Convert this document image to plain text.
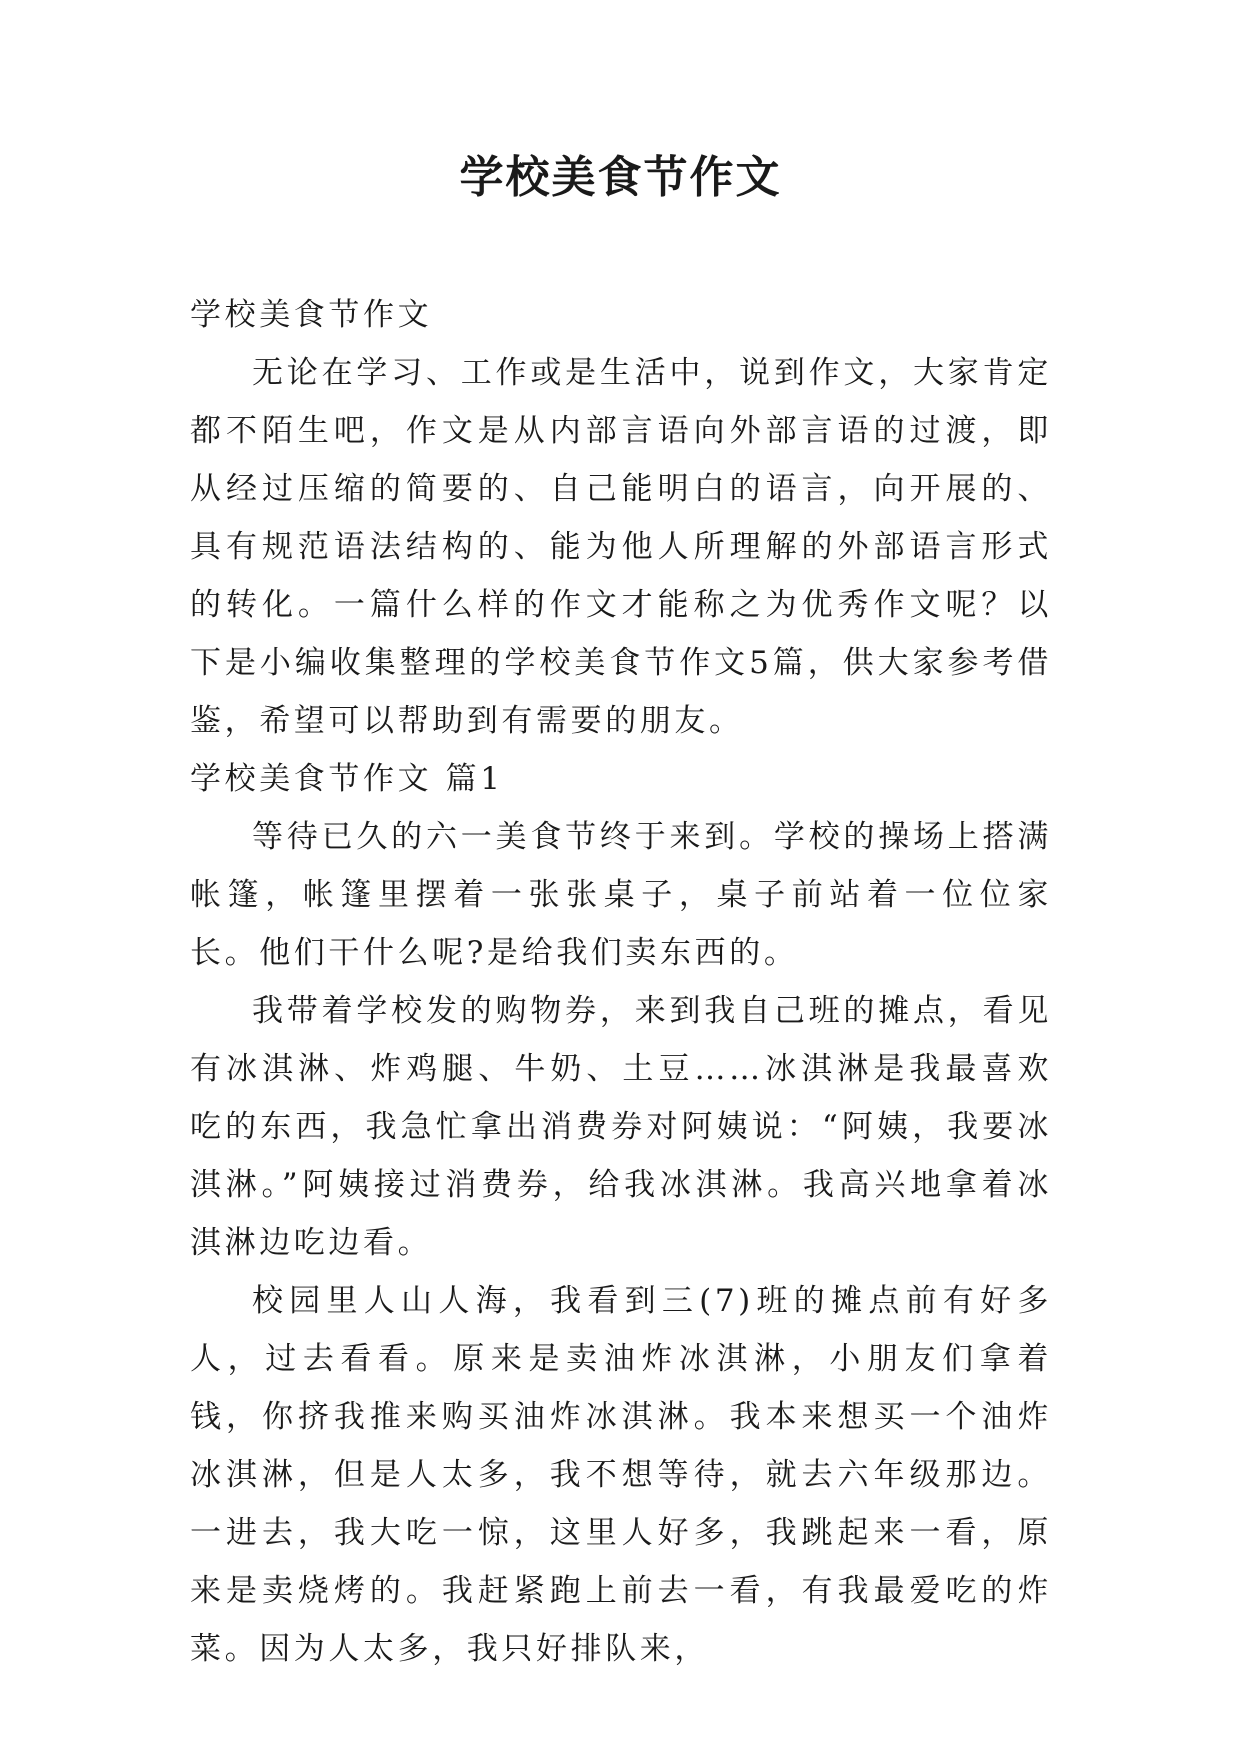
学校美食节作文

学校美食节作文

无论在学习、工作或是生活中，说到作文，大家肯定都不陌生吧，作文是从内部言语向外部言语的过渡，即从经过压缩的简要的、自己能明白的语言，向开展的、具有规范语法结构的、能为他人所理解的外部语言形式的转化。一篇什么样的作文才能称之为优秀作文呢？以下是小编收集整理的学校美食节作文5篇，供大家参考借鉴，希望可以帮助到有需要的朋友。

学校美食节作文 篇1

等待已久的六一美食节终于来到。学校的操场上搭满帐篷，帐篷里摆着一张张桌子，桌子前站着一位位家长。他们干什么呢?是给我们卖东西的。

我带着学校发的购物券，来到我自己班的摊点，看见有冰淇淋、炸鸡腿、牛奶、土豆……冰淇淋是我最喜欢吃的东西，我急忙拿出消费券对阿姨说：“阿姨，我要冰淇淋。”阿姨接过消费券，给我冰淇淋。我高兴地拿着冰淇淋边吃边看。

校园里人山人海，我看到三(7)班的摊点前有好多人，过去看看。原来是卖油炸冰淇淋，小朋友们拿着钱，你挤我推来购买油炸冰淇淋。我本来想买一个油炸冰淇淋，但是人太多，我不想等待，就去六年级那边。一进去，我大吃一惊，这里人好多，我跳起来一看，原来是卖烧烤的。我赶紧跑上前去一看，有我最爱吃的炸菜。因为人太多，我只好排队来，
